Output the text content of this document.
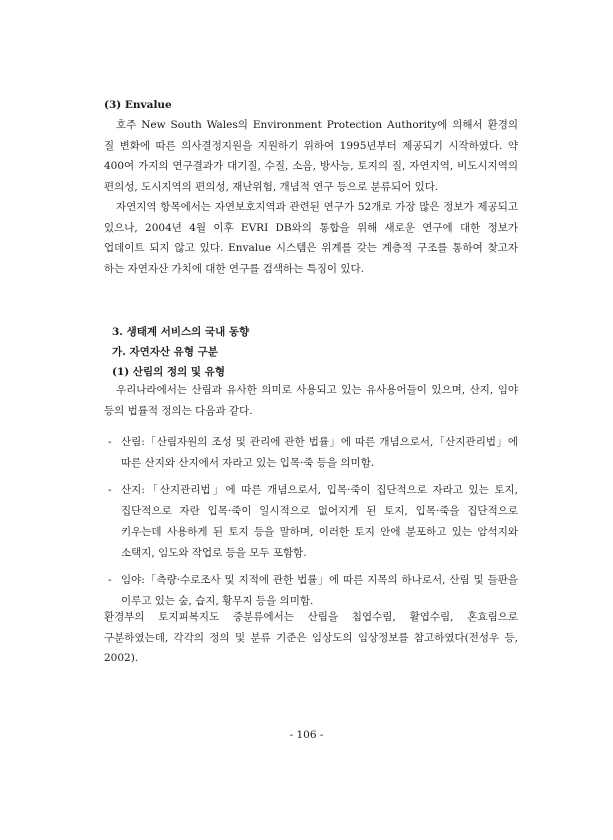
(3) Envalue

호주 New South Wales의 Environment Protection Authority에 의해서 환경의 질 변화에 따른 의사결정지원을 지원하기 위하여 1995년부터 제공되기 시작하였다. 약 400여 가지의 연구결과가 대기질, 수질, 소음, 방사능, 토지의 질, 자연지역, 비도시지역의 편의성, 도시지역의 편의성, 재난위험, 개념적 연구 등으로 분류되어 있다.

자연지역 항목에서는 자연보호지역과 관련된 연구가 52개로 가장 많은 정보가 제공되고 있으나, 2004년 4월 이후 EVRI DB와의 통합을 위해 새로운 연구에 대한 정보가 업데이트 되지 않고 있다. Envalue 시스템은 위계를 갖는 계층적 구조를 통하여 찾고자 하는 자연자산 가치에 대한 연구를 검색하는 특징이 있다.

3. 생태계 서비스의 국내 동향
가. 자연자산 유형 구분
(1) 산림의 정의 및 유형

우리나라에서는 산림과 유사한 의미로 사용되고 있는 유사용어들이 있으며, 산지, 임야 등의 법률적 정의는 다음과 같다.

- 산림:「산림자원의 조성 및 관리에 관한 법률」에 따른 개념으로서,「산지관리법」에 따른 산지와 산지에서 자라고 있는 입목·죽 등을 의미함.
- 산지:「산지관리법」에 따른 개념으로서, 입목·죽이 집단적으로 자라고 있는 토지, 집단적으로 자란 입목·죽이 일시적으로 없어지게 된 토지, 입목·죽을 집단적으로 키우는데 사용하게 된 토지 등을 말하며, 이러한 토지 안에 분포하고 있는 암석지와 소택지, 임도와 작업로 등을 모두 포함함.
- 임야:「측량·수로조사 및 지적에 관한 법률」에 따른 지목의 하나로서, 산림 및 들판을 이루고 있는 숲, 습지, 황무지 등을 의미함.

환경부의 토지피복지도 중분류에서는 산림을 침엽수림, 활엽수림, 혼효림으로 구분하였는데, 각각의 정의 및 분류 기준은 임상도의 임상정보를 참고하였다(전성우 등, 2002).

- 106 -
